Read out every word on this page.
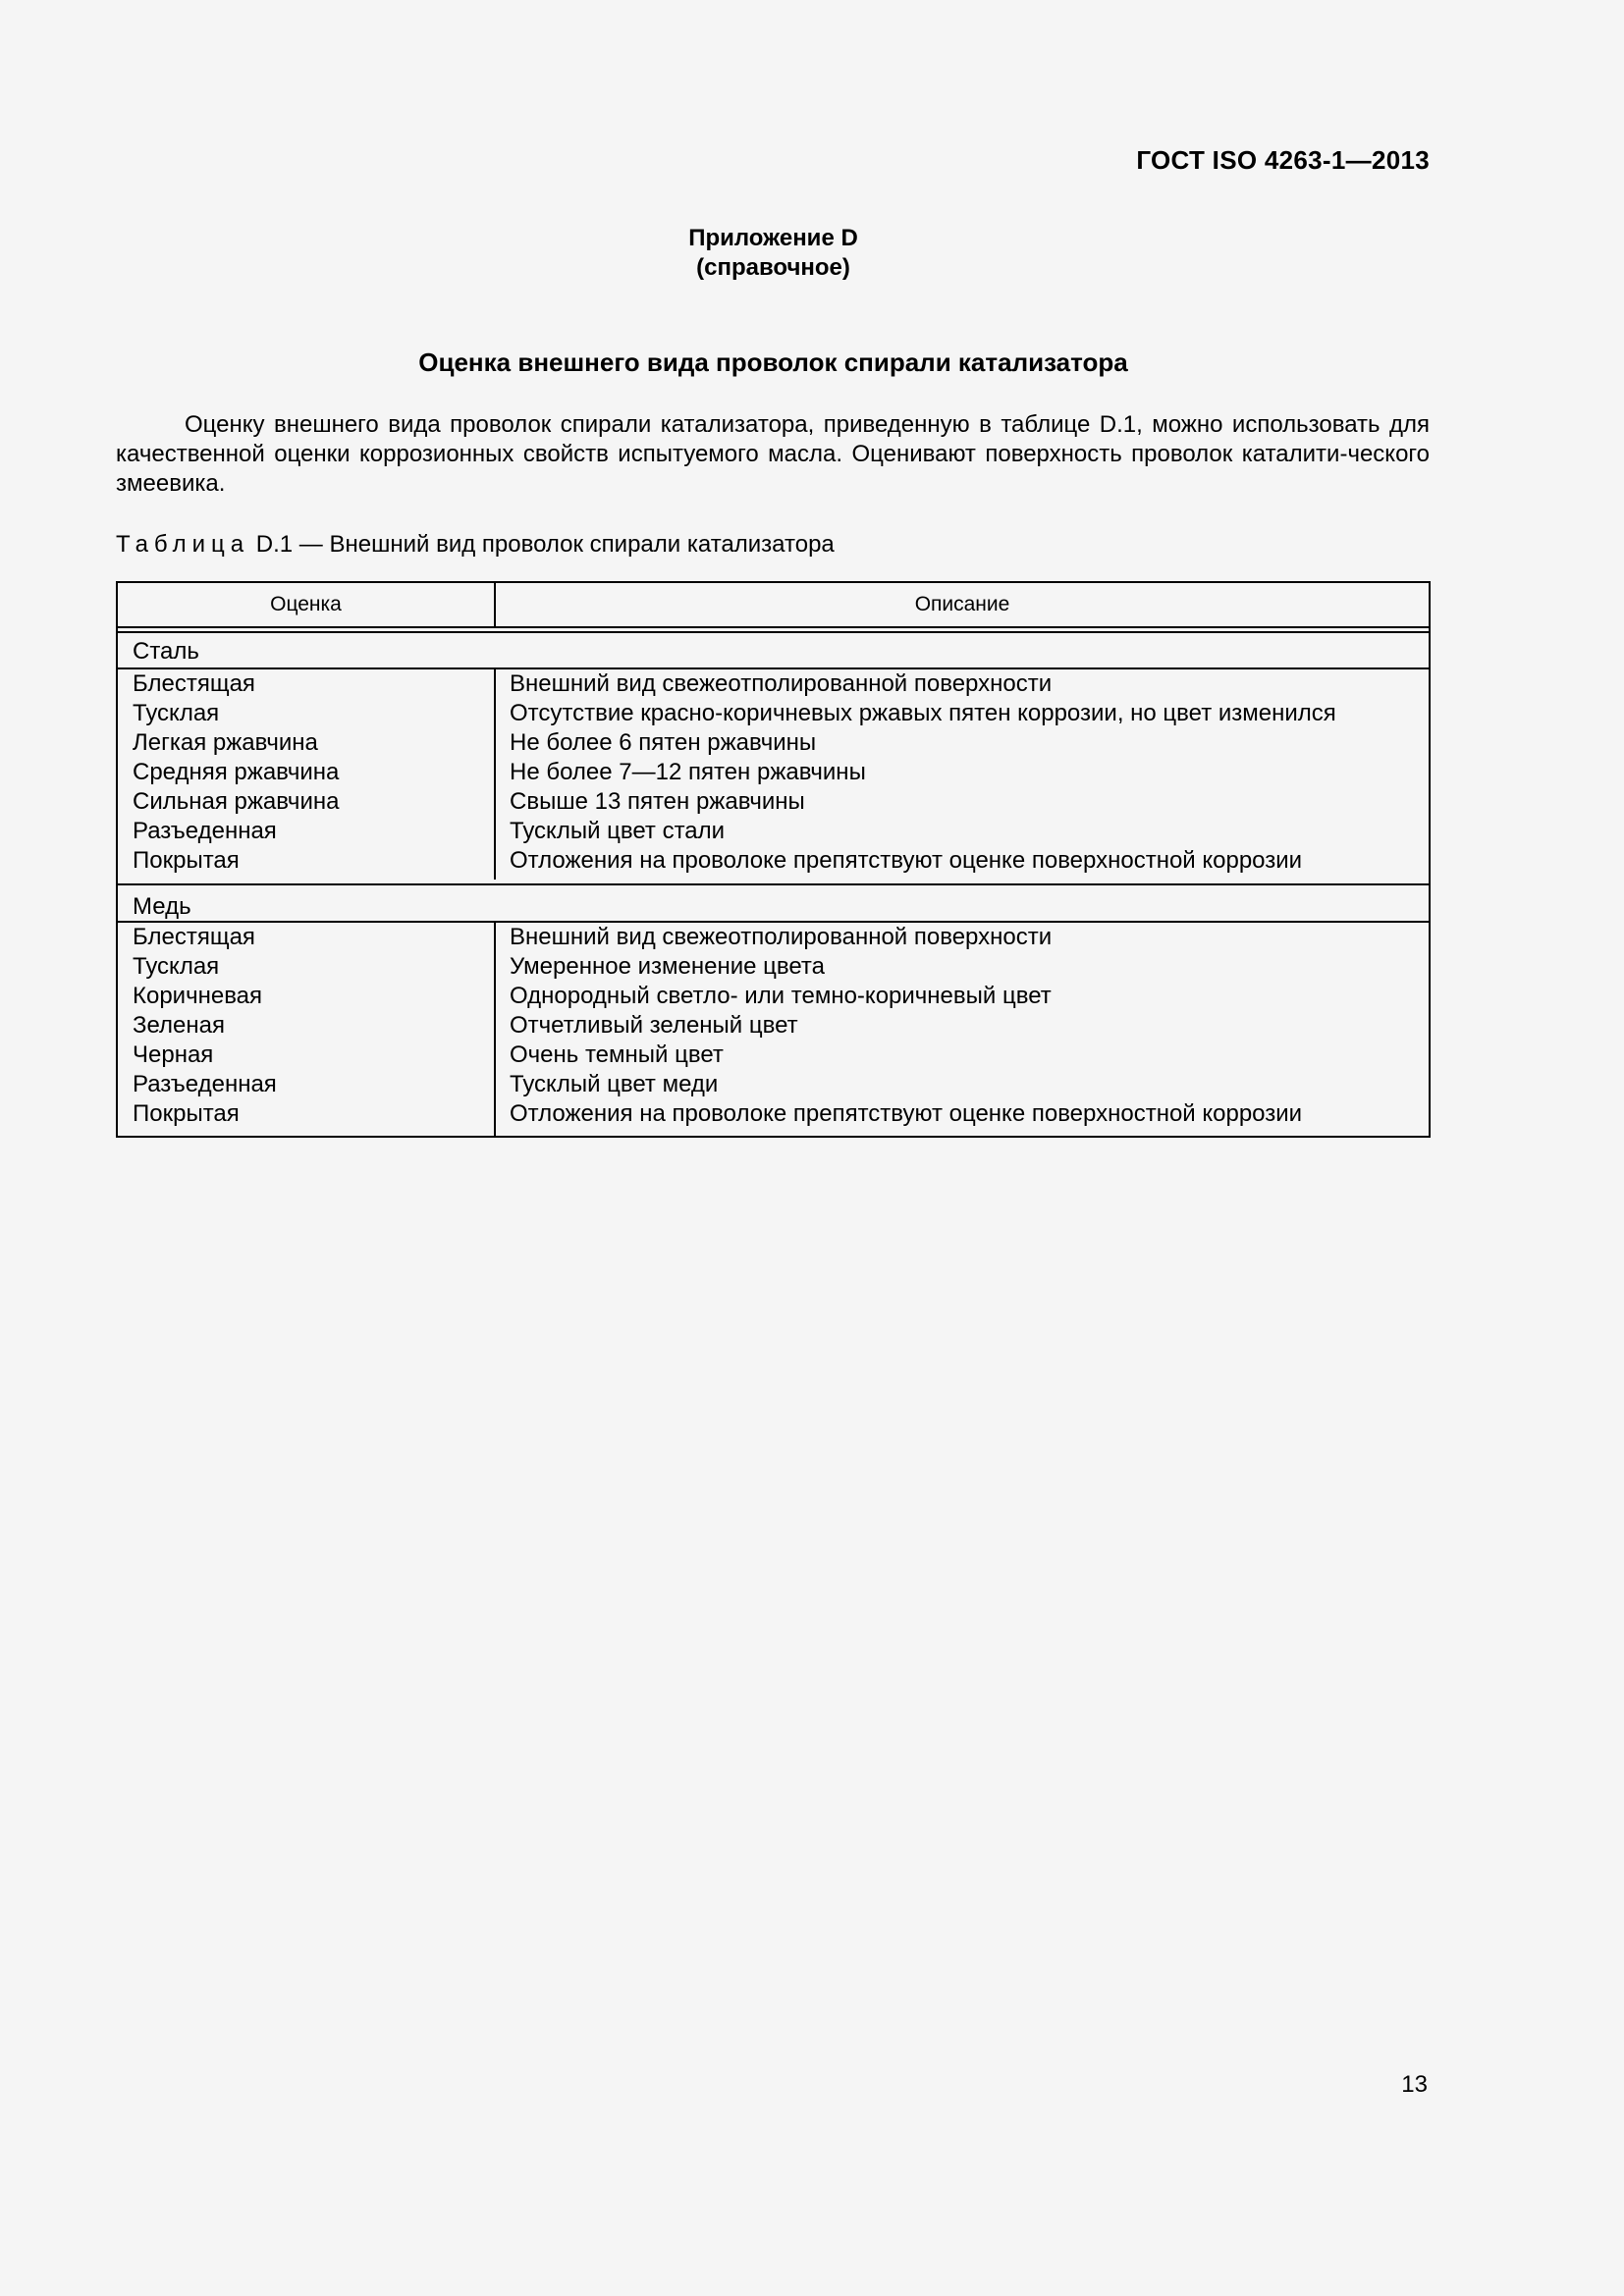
ГОСТ ISO 4263-1—2013
Приложение D
(справочное)
Оценка внешнего вида проволок спирали катализатора
Оценку внешнего вида проволок спирали катализатора, приведенную в таблице D.1, можно использовать для качественной оценки коррозионных свойств испытуемого масла. Оценивают поверхность проволок каталити-ческого змеевика.
Таблица D.1 — Внешний вид проволок спирали катализатора
Оценка	Описание
Сталь
Блестящая	Внешний вид свежеотполированной поверхности
Тусклая	Отсутствие красно-коричневых ржавых пятен коррозии, но цвет изменился
Легкая ржавчина	Не более 6 пятен ржавчины
Средняя ржавчина	Не более 7—12 пятен ржавчины
Сильная ржавчина	Свыше 13 пятен ржавчины
Разъеденная	Тусклый цвет стали
Покрытая	Отложения на проволоке препятствуют оценке поверхностной коррозии
Медь
Блестящая	Внешний вид свежеотполированной поверхности
Тусклая	Умеренное изменение цвета
Коричневая	Однородный светло- или темно-коричневый цвет
Зеленая	Отчетливый зеленый цвет
Черная	Очень темный цвет
Разъеденная	Тусклый цвет меди
Покрытая	Отложения на проволоке препятствуют оценке поверхностной коррозии
13
